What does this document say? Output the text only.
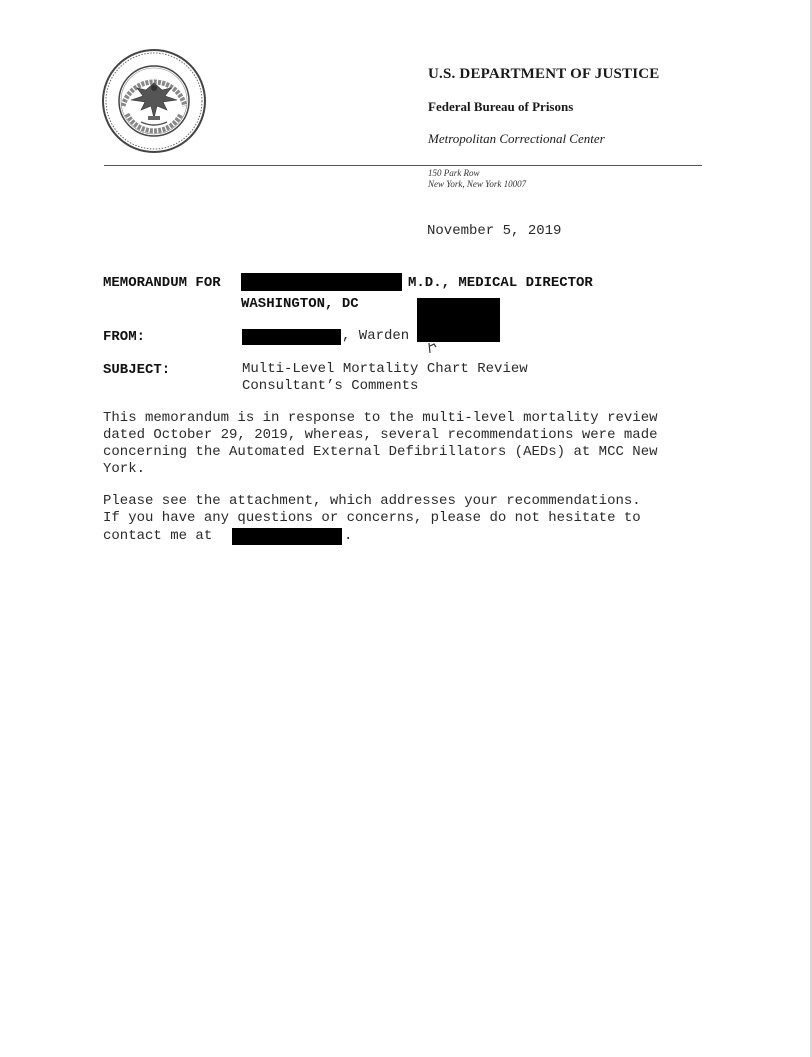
U.S. DEPARTMENT OF JUSTICE
Federal Bureau of Prisons
Metropolitan Correctional Center
150 Park Row
New York, New York 10007
November 5, 2019
MEMORANDUM FOR	M.D., MEDICAL DIRECTOR
WASHINGTON, DC
FROM:	, Warden
SUBJECT:	Multi-Level Mortality Chart Review
Consultant’s Comments
This memorandum is in response to the multi-level mortality review
dated October 29, 2019, whereas, several recommendations were made
concerning the Automated External Defibrillators (AEDs) at MCC New
York.
Please see the attachment, which addresses your recommendations.
If you have any questions or concerns, please do not hesitate to
contact me at	.
